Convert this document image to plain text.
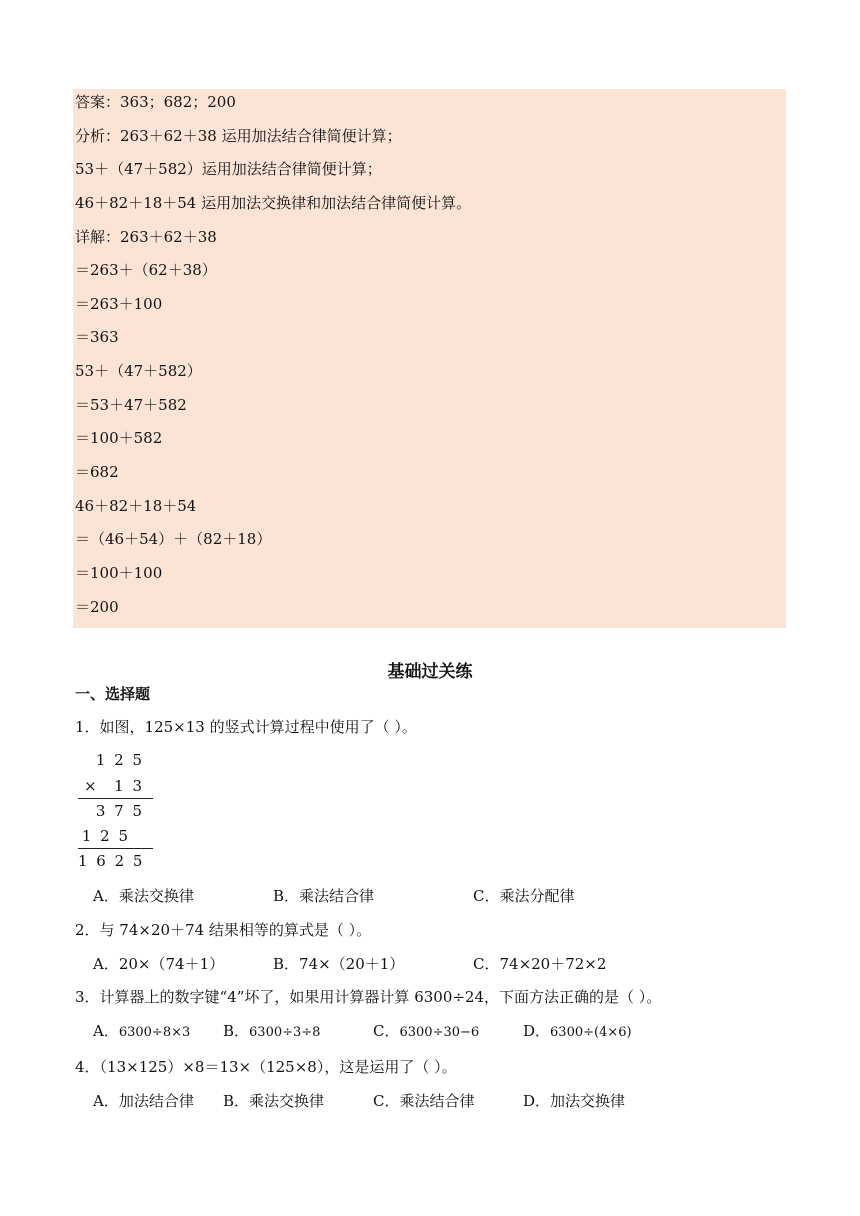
答案：363；682；200
分析：263＋62＋38 运用加法结合律简便计算；
53＋（47＋582）运用加法结合律简便计算；
46＋82＋18＋54 运用加法交换律和加法结合律简便计算。
详解：263＋62＋38
＝263＋（62＋38）
＝263＋100
＝363
53＋（47＋582）
＝53＋47＋582
＝100＋582
＝682
46＋82＋18＋54
＝（46＋54）＋（82＋18）
＝100＋100
＝200
基础过关练
一、选择题
1．如图，125×13 的竖式计算过程中使用了（ ）。
1 2 5
×	1 3
3 7 5
1 2 5
1 6 2 5
A．乘法交换律	B．乘法结合律	C．乘法分配律
2．与 74×20＋74 结果相等的算式是（ ）。
A．20×（74＋1）	B．74×（20＋1）	C．74×20＋72×2
3．计算器上的数字键“4”坏了，如果用计算器计算 6300÷24，下面方法正确的是（ ）。
A．6300÷8×3 B．6300÷3÷8	C．6300÷30−6	D．6300÷(4×6)
4．（13×125）×8＝13×（125×8），这是运用了（ ）。
A．加法结合律 B．乘法交换律	C．乘法结合律	D．加法交换律
